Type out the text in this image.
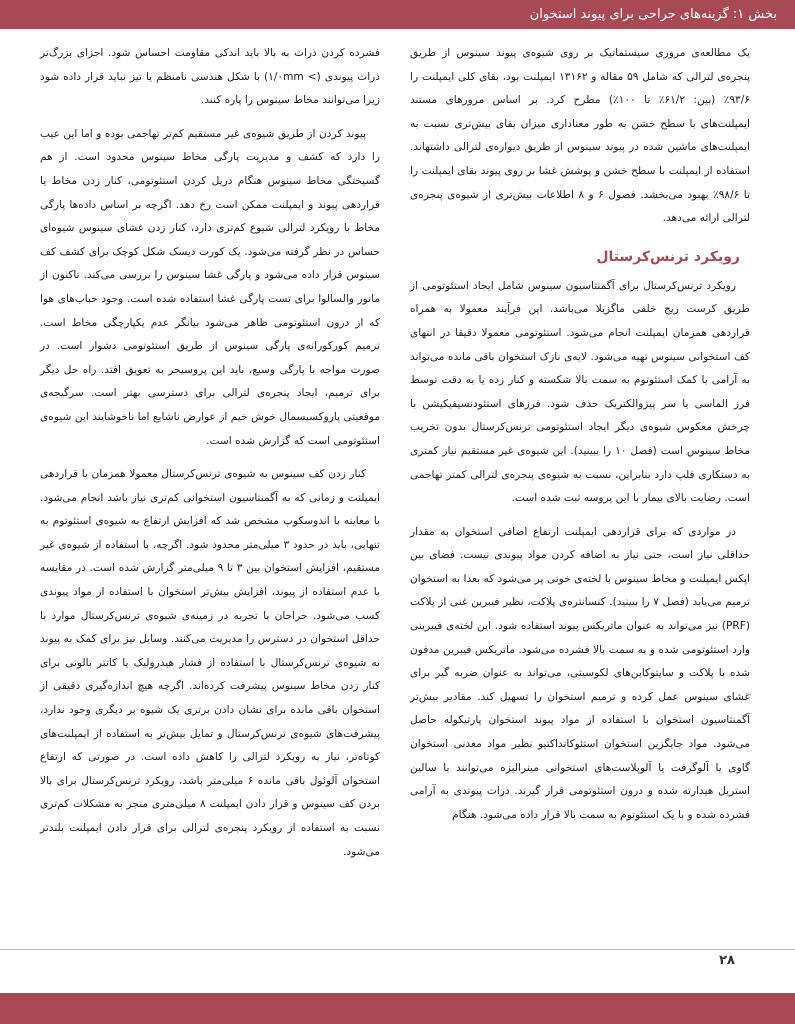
بخش ۱: گزینه‌های جراحی برای پیوند استخوان

یک مطالعه‌ی مروری سیستماتیک بر روی شیوه‌ی پیوند سینوس از طریق پنجره‌ی لترالی که شامل ۵۹ مقاله و ۱۳۱۶۲ ایمپلنت بود، بقای کلی ایمپلنت را ۹۳/۶٪ (بین: ۶۱/۲٪ تا ۱۰۰٪) مطرح کرد. بر اساس مرورهای مستند ایمپلنت‌های با سطح خشن به طور معناداری میزان بقای بیش‌تری نسبت به ایمپلنت‌های ماشین شده در پیوند سینوس از طریق دیواره‌ی لترالی داشتهاند. استفاده از ایمپلنت با سطح خشن و پوشش غشا بر روی پیوند بقای ایمپلنت را تا ۹۸/۶٪ بهبود می‌بخشد. فصول ۶ و ۸ اطلاعات بیش‌تری از شیوه‌ی پنجره‌ی لترالی ارائه می‌دهد.

رویکرد ترنس‌کرستال

رویکرد ترنس‌کرستال برای آگمنتاسیون سینوس شامل ایجاد استئوتومی از طریق کرست ریج خلفی ماگزیلا می‌باشد. این فرآیند معمولا به همراه قراردهی همزمان ایمپلنت انجام می‌شود. استئوتومی معمولا دقیقا در انتهای کف استخوانی سینوس تهیه می‌شود. لایه‌ی نازک استخوان باقی مانده می‌تواند به آرامی با کمک استئوتوم به سمت بالا شکسته و کنار زده یا به دقت توسط فرز الماسی یا سر پیزوالکتریک حذف شود. فرزهای استئودنسیفیکیشن با چرخش معکوس شیوه‌ی دیگر ایجاد استئوتومی ترنس‌کرستال بدون تخریب مخاط سینوس است (فصل ۱۰ را ببینید). این شیوه‌ی غیر مستقیم نیاز کمتری به دستکاری فلپ دارد بنابراین، نسبت به شیوه‌ی پنجره‌ی لترالی کمتر تهاجمی است. رضایت بالای بیمار با این پروسه ثبت شده است.

در مواردی که برای قراردهی ایمپلنت ارتفاع اضافی استخوان به مقدار حداقلی نیاز است، حتی نیاز به اضافه کردن مواد پیوندی نیست. فضای بین اپکس ایمپلنت و مخاط سینوس با لخته‌ی خونی پر می‌شود که بعدا به استخوان ترمیم می‌یابد (فصل ۷ را ببینید). کنسانتره‌ی پلاکت، نظیر فیبرین غنی از پلاکت (PRF) نیز می‌تواند به عنوان ماتریکس پیوند استفاده شود. این لخته‌ی فیبرینی وارد استئوتومی شده و به سمت بالا فشرده می‌شود. ماتریکس فیبرین مدفون شده با پلاکت و سایتوکاین‌های لکوسیتی، می‌تواند به عنوان ضربه گیر برای غشای سینوس عمل کرده و ترمیم استخوان را تسهیل کند. مقادیر بیش‌تر آگمنتاسیون استخوان با استفاده از مواد پیوند استخوان پارتیکوله حاصل می‌شود. مواد جایگزین استخوان استئوکانداکتیو نظیر مواد معدنی استخوان گاوی یا آلوگرفت یا آلوپلاست‌های استخوانی مینرالیزه می‌توانند با سالین استریل هیدارته شده و درون استئوتومی قرار گیرند. ذرات پیوندی به آرامی فشرده شده و با یک استئوتوم به سمت بالا قرار داده می‌شود. هنگام

فشرده کردن ذرات به بالا باید اندکی مقاومت احساس شود. اجزای بزرگ‌تر ذرات پیوندی (> ۱/۰mm) با شکل هندسی نامنظم یا تیز نباید قرار داده شود زیرا می‌توانند مخاط سینوس را پاره کنند.

پیوند کردن از طریق شیوه‌ی غیر مستقیم کم‌تر تهاجمی بوده و اما این عیب را دارد که کشف و مدیریت پارگی مخاط سینوس محدود است. از هم گسیختگی مخاط سینوس هنگام دریل کردن استئوتومی، کنار زدن مخاط یا قراردهی پیوند و ایمپلنت ممکن است رخ دهد. اگرچه بر اساس داده‌ها پارگی مخاط با رویکرد لترالی شیوع کم‌تری دارد، کنار زدن غشای سینوس شیوه‌ای حساس در نظر گرفته می‌شود. یک کورت دیسک شکل کوچک برای کشف کف سینوس قرار داده می‌شود و پارگی غشا سینوس را بررسی می‌کند. تاکنون از مانور والسالوا برای تست پارگی غشا استفاده شده است. وجود حباب‌های هوا که از درون استئوتومی ظاهر می‌شود بیانگر عدم یکپارچگی مخاط است. ترمیم کورکورانه‌ی پارگی سینوس از طریق استئوتومی دشوار است. در صورت مواجه با پارگی وسیع، باید این پروسیجر به تعویق افتد. راه حل دیگر برای ترمیم، ایجاد پنجره‌ی لترالی برای دسترسی بهتر است. سرگیجه‌ی موقعیتی پاروکسیسمال خوش خیم از عوارض ناشایع اما ناخوشایند این شیوه‌ی استئوتومی است که گزارش شده است.

کنار زدن کف سینوس به شیوه‌ی ترنس‌کرستال معمولا همزمان با قراردهی ایمپلنت و زمانی که به آگمنتاسیون استخوانی کم‌تری نیاز باشد انجام می‌شود. با معاینه با اندوسکوپ مشخص شد که افزایش ارتفاع به شیوه‌ی استئوتوم به تنهایی، باید در حدود ۳ میلی‌متر محدود شود. اگرچه، با استفاده از شیوه‌ی غیر مستقیم، افزایش استخوان بین ۳ تا ۹ میلی‌متر گزارش شده است. در مقایسه با عدم استفاده از پیوند، افزایش بیش‌تر استخوان با استفاده از مواد پیوندی کسب می‌شود. جراحان با تجربه در زمینه‌ی شیوه‌ی ترنس‌کرستال موارد با حداقل استخوان در دسترس را مدیریت می‌کنند. وسایل نیز برای کمک به پیوند به شیوه‌ی ترنس‌کرستال با استفاده از فشار هیدرولیک یا کاتتر بالونی برای کنار زدن مخاط سینوس پیشرفت کرده‌اند. اگرچه هیچ اندازه‌گیری دقیقی از استخوان باقی مانده برای نشان دادن برتری یک شیوه بر دیگری وجود ندارد، پیشرفت‌های شیوه‌ی ترنس‌کرستال و تمایل بیش‌تر به استفاده از ایمپلنت‌های کوتاه‌تر، نیاز به رویکرد لترالی را کاهش داده است. در صورتی که ارتفاع استخوان آلوئول باقی مانده ۶ میلی‌متر باشد، رویکرد ترنس‌کرستال برای بالا بردن کف سینوس و قرار دادن ایمپلنت ۸ میلی‌متری منجر به مشکلات کم‌تری نسبت به استفاده از رویکرد پنجره‌ی لترالی برای قرار دادن ایمپلنت بلندتر می‌شود.

۲۸
